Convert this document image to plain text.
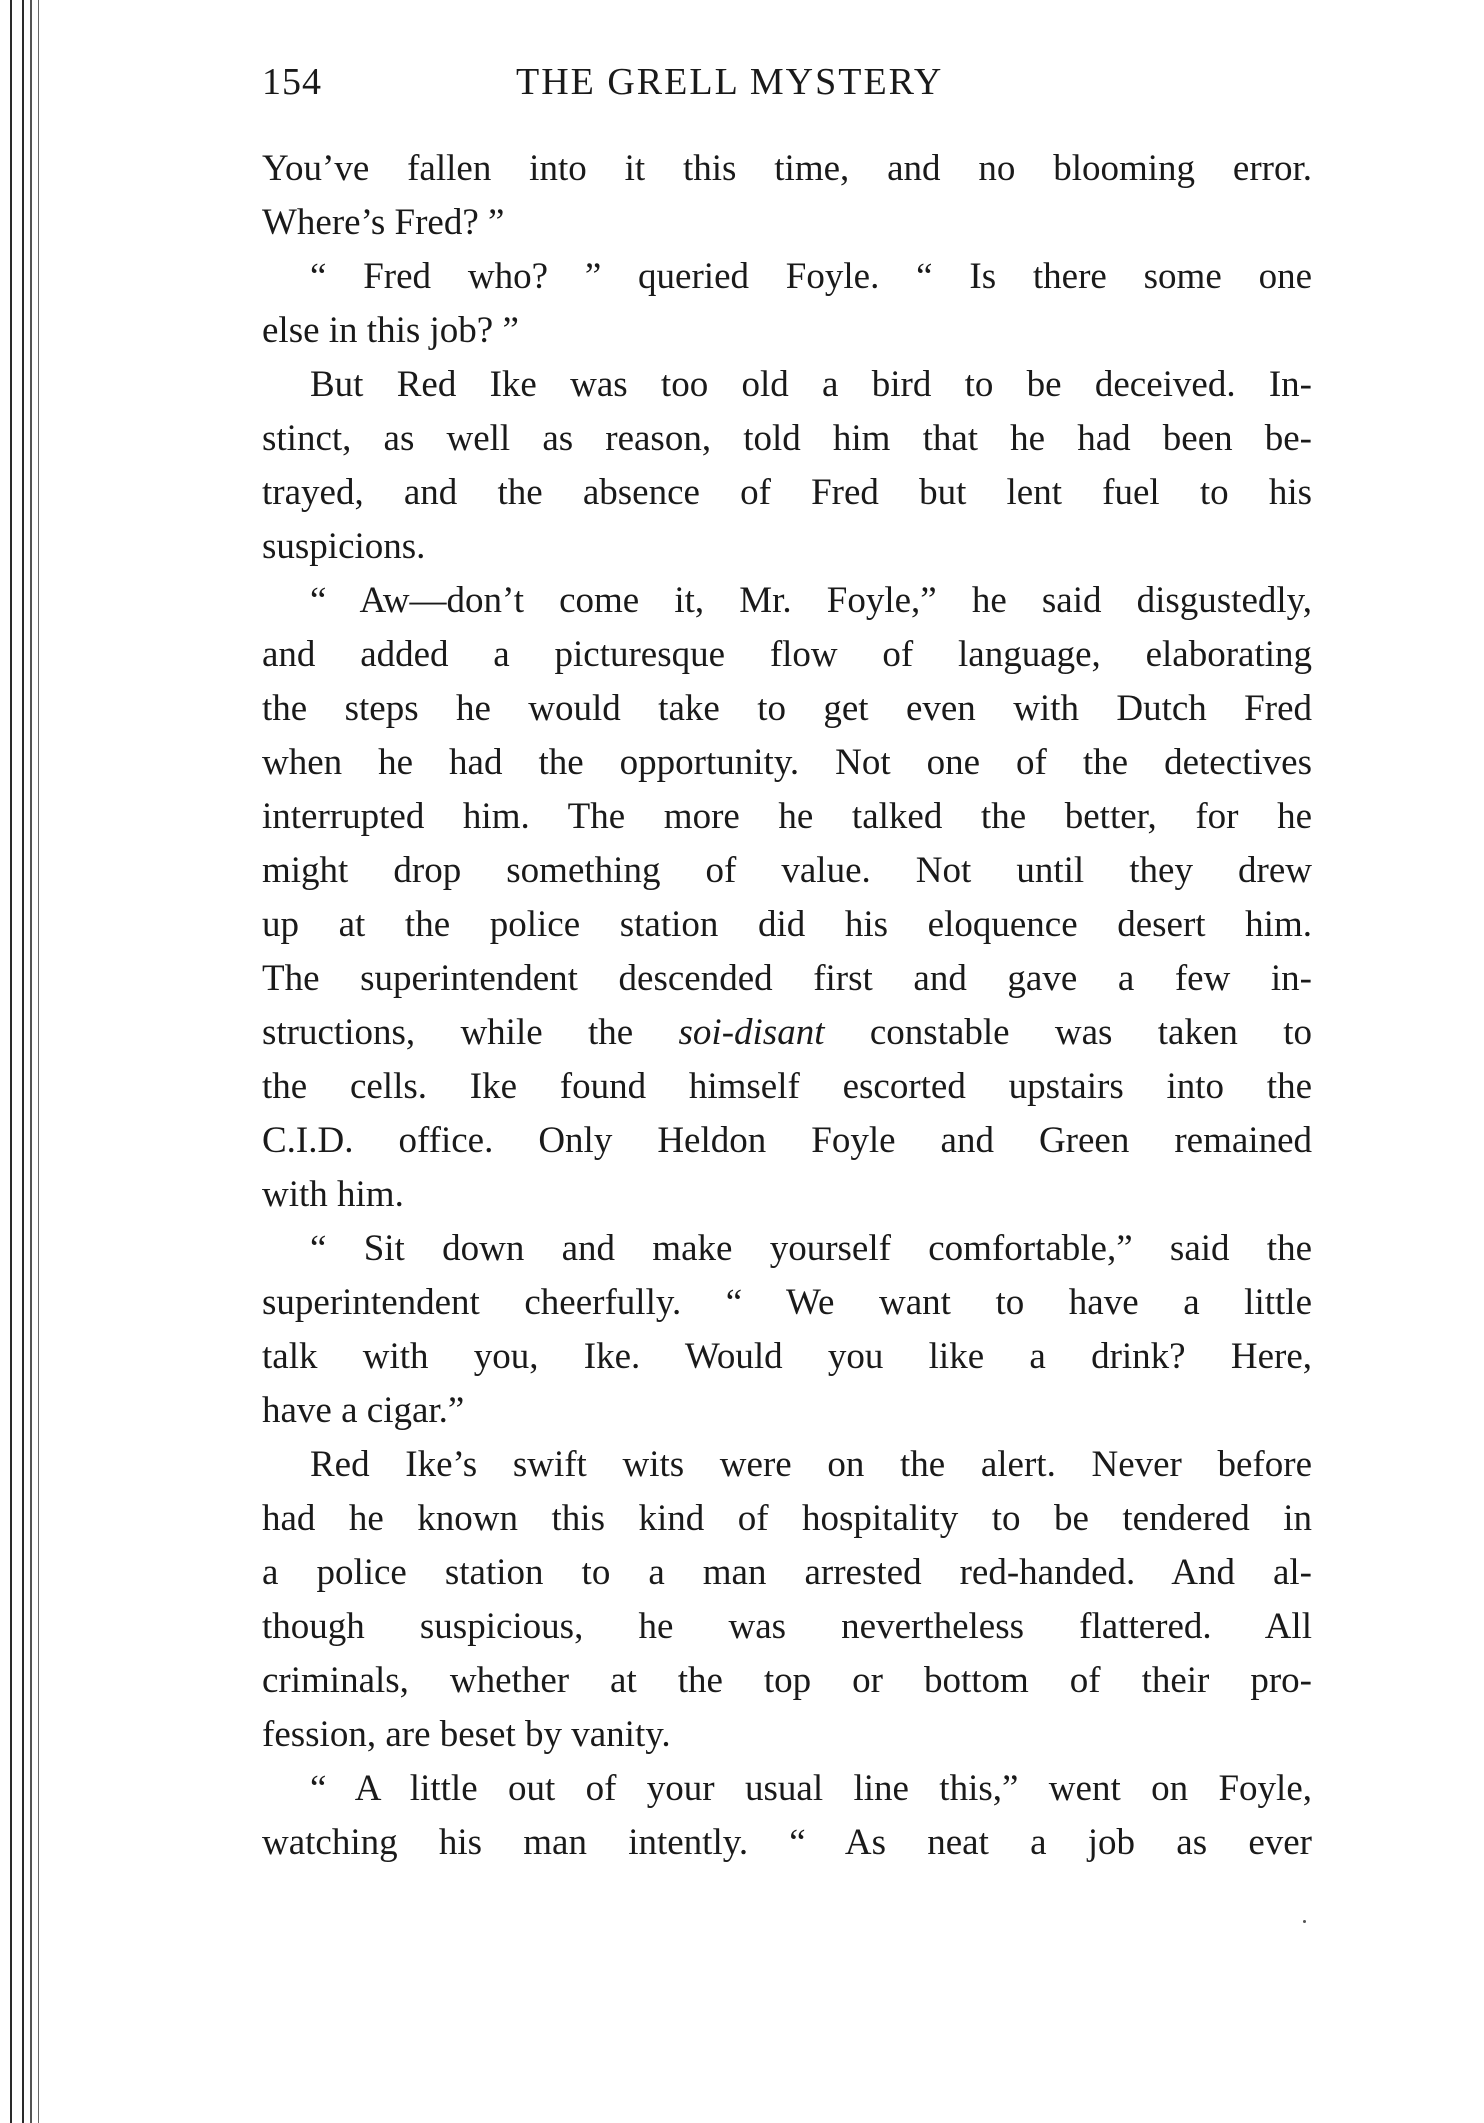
154	THE GRELL MYSTERY
You’ve fallen into it this time, and no blooming error.
Where’s Fred? ”
“ Fred who? ” queried Foyle. “ Is there some one
else in this job? ”
But Red Ike was too old a bird to be deceived. In-
stinct, as well as reason, told him that he had been be-
trayed, and the absence of Fred but lent fuel to his
suspicions.
“ Aw—don’t come it, Mr. Foyle,” he said disgustedly,
and added a picturesque flow of language, elaborating
the steps he would take to get even with Dutch Fred
when he had the opportunity. Not one of the detectives
interrupted him. The more he talked the better, for he
might drop something of value. Not until they drew
up at the police station did his eloquence desert him.
The superintendent descended first and gave a few in-
structions, while the soi-disant constable was taken to
the cells. Ike found himself escorted upstairs into the
C.I.D. office. Only Heldon Foyle and Green remained
with him.
“ Sit down and make yourself comfortable,” said the
superintendent cheerfully. “ We want to have a little
talk with you, Ike. Would you like a drink? Here,
have a cigar.”
Red Ike’s swift wits were on the alert. Never before
had he known this kind of hospitality to be tendered in
a police station to a man arrested red-handed. And al-
though suspicious, he was nevertheless flattered. All
criminals, whether at the top or bottom of their pro-
fession, are beset by vanity.
“ A little out of your usual line this,” went on Foyle,
watching his man intently. “ As neat a job as ever
